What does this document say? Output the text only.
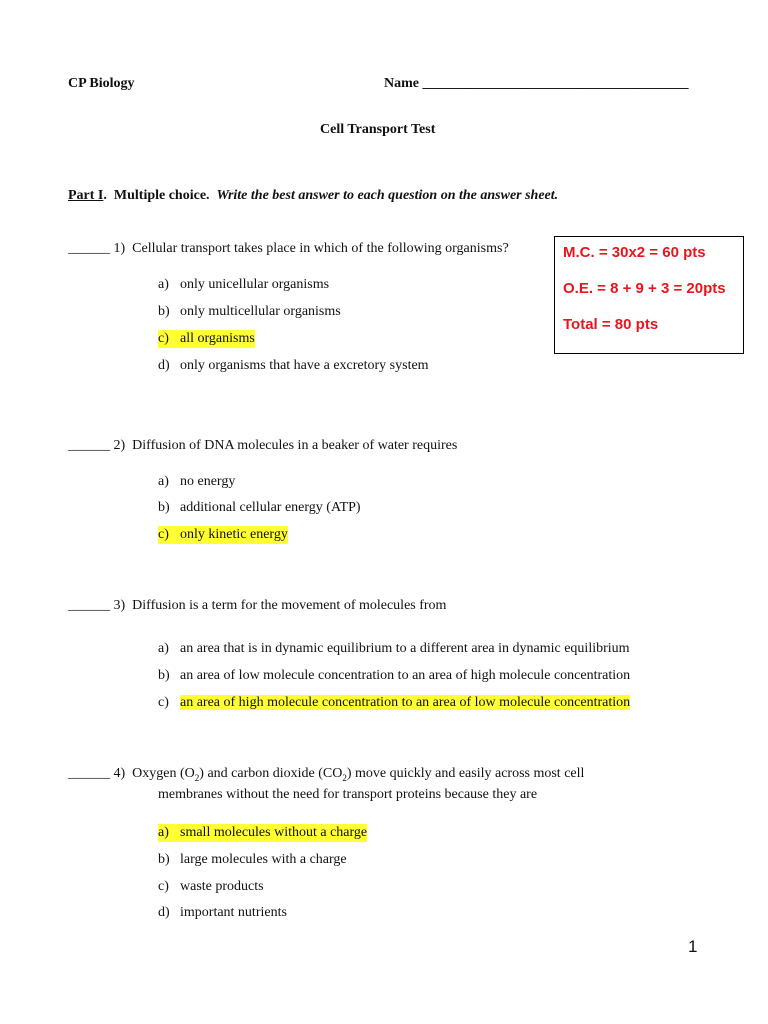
CP Biology	Name ______________________________________
Cell Transport Test
Part I. Multiple choice. Write the best answer to each question on the answer sheet.
M.C. = 30x2 = 60 pts
O.E. = 8 + 9 + 3 = 20pts
Total = 80 pts
______ 1) Cellular transport takes place in which of the following organisms?
a) only unicellular organisms
b) only multicellular organisms
c) all organisms
d) only organisms that have a excretory system
______ 2) Diffusion of DNA molecules in a beaker of water requires
a) no energy
b) additional cellular energy (ATP)
c) only kinetic energy
______ 3) Diffusion is a term for the movement of molecules from
a) an area that is in dynamic equilibrium to a different area in dynamic equilibrium
b) an area of low molecule concentration to an area of high molecule concentration
c) an area of high molecule concentration to an area of low molecule concentration
______ 4) Oxygen $(O_2)$ and carbon dioxide $(CO_2)$ move quickly and easily across most cell
membranes without the need for transport proteins because they are
a) small molecules without a charge
b) large molecules with a charge
c) waste products
d) important nutrients
1
